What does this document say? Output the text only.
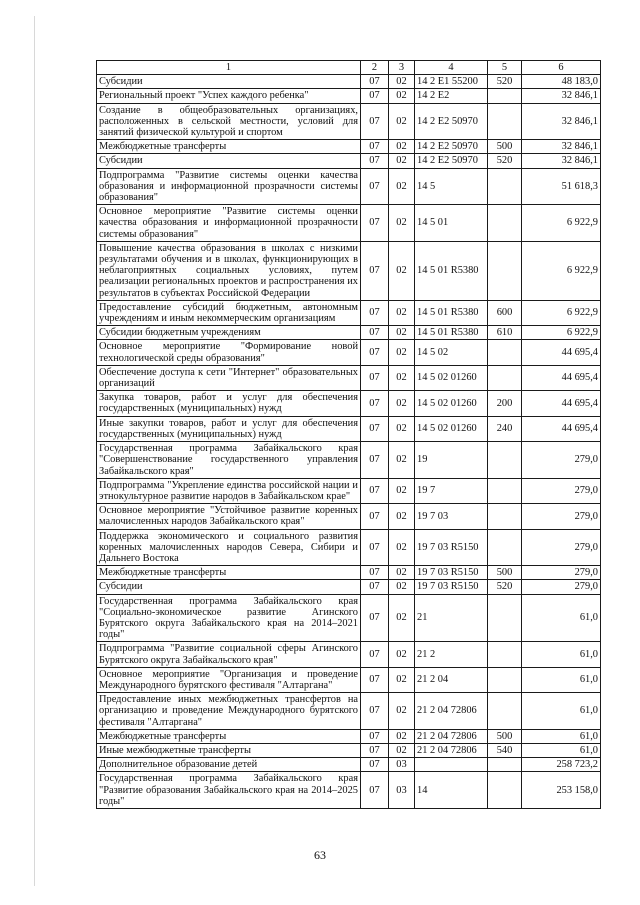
1	2	3	4	5	6
Субсидии	07	02	14 2 E1 55200	520	48 183,0
Региональный проект "Успех каждого ребенка"	07	02	14 2 E2		32 846,1
Создание в общеобразовательных организациях, расположенных в сельской местности, условий для занятий физической культурой и спортом	07	02	14 2 E2 50970		32 846,1
Межбюджетные трансферты	07	02	14 2 E2 50970	500	32 846,1
Субсидии	07	02	14 2 E2 50970	520	32 846,1
Подпрограмма "Развитие системы оценки качества образования и информационной прозрачности системы образования"	07	02	14 5		51 618,3
Основное мероприятие "Развитие системы оценки качества образования и информационной прозрачности системы образования"	07	02	14 5 01		6 922,9
Повышение качества образования в школах с низкими результатами обучения и в школах, функционирующих в неблагоприятных социальных условиях, путем реализации региональных проектов и распространения их результатов в субъектах Российской Федерации	07	02	14 5 01 R5380		6 922,9
Предоставление субсидий бюджетным, автономным учреждениям и иным некоммерческим организациям	07	02	14 5 01 R5380	600	6 922,9
Субсидии бюджетным учреждениям	07	02	14 5 01 R5380	610	6 922,9
Основное мероприятие "Формирование новой технологической среды образования"	07	02	14 5 02		44 695,4
Обеспечение доступа к сети "Интернет" образовательных организаций	07	02	14 5 02 01260		44 695,4
Закупка товаров, работ и услуг для обеспечения государственных (муниципальных) нужд	07	02	14 5 02 01260	200	44 695,4
Иные закупки товаров, работ и услуг для обеспечения государственных (муниципальных) нужд	07	02	14 5 02 01260	240	44 695,4
Государственная программа Забайкальского края "Совершенствование государственного управления Забайкальского края"	07	02	19		279,0
Подпрограмма "Укрепление единства российской нации и этнокультурное развитие народов в Забайкальском крае"	07	02	19 7		279,0
Основное мероприятие "Устойчивое развитие коренных малочисленных народов Забайкальского края"	07	02	19 7 03		279,0
Поддержка экономического и социального развития коренных малочисленных народов Севера, Сибири и Дальнего Востока	07	02	19 7 03 R5150		279,0
Межбюджетные трансферты	07	02	19 7 03 R5150	500	279,0
Субсидии	07	02	19 7 03 R5150	520	279,0
Государственная программа Забайкальского края "Социально-экономическое развитие Агинского Бурятского округа Забайкальского края на 2014–2021 годы"	07	02	21		61,0
Подпрограмма "Развитие социальной сферы Агинского Бурятского округа Забайкальского края"	07	02	21 2		61,0
Основное мероприятие "Организация и проведение Международного бурятского фестиваля "Алтаргана"	07	02	21 2 04		61,0
Предоставление иных межбюджетных трансфертов на организацию и проведение Международного бурятского фестиваля "Алтаргана"	07	02	21 2 04 72806		61,0
Межбюджетные трансферты	07	02	21 2 04 72806	500	61,0
Иные межбюджетные трансферты	07	02	21 2 04 72806	540	61,0
Дополнительное образование детей	07	03			258 723,2
Государственная программа Забайкальского края "Развитие образования Забайкальского края на 2014–2025 годы"	07	03	14		253 158,0
63
